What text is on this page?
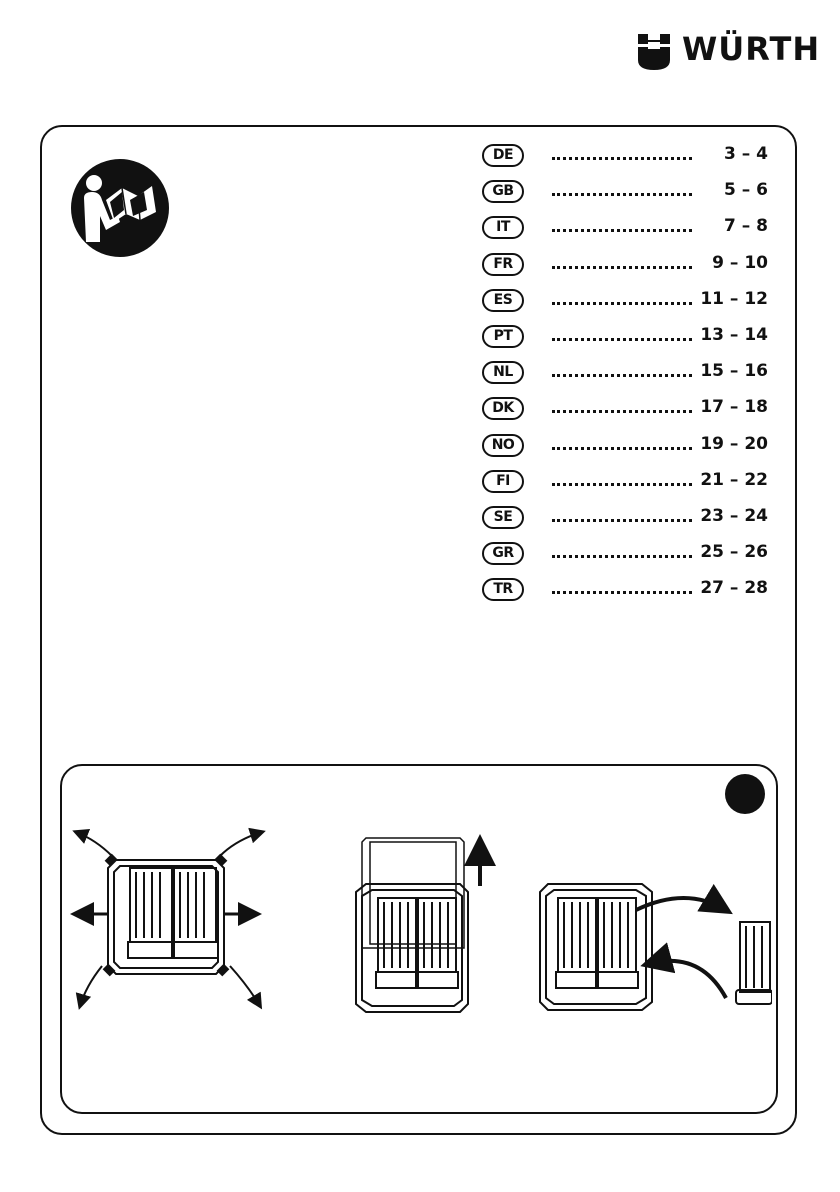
WÜRTH
DE	3 – 4
GB	5 – 6
IT	7 – 8
FR	9 – 10
ES	11 – 12
PT	13 – 14
NL	15 – 16
DK	17 – 18
NO	19 – 20
FI	21 – 22
SE	23 – 24
GR	25 – 26
TR	27 – 28
